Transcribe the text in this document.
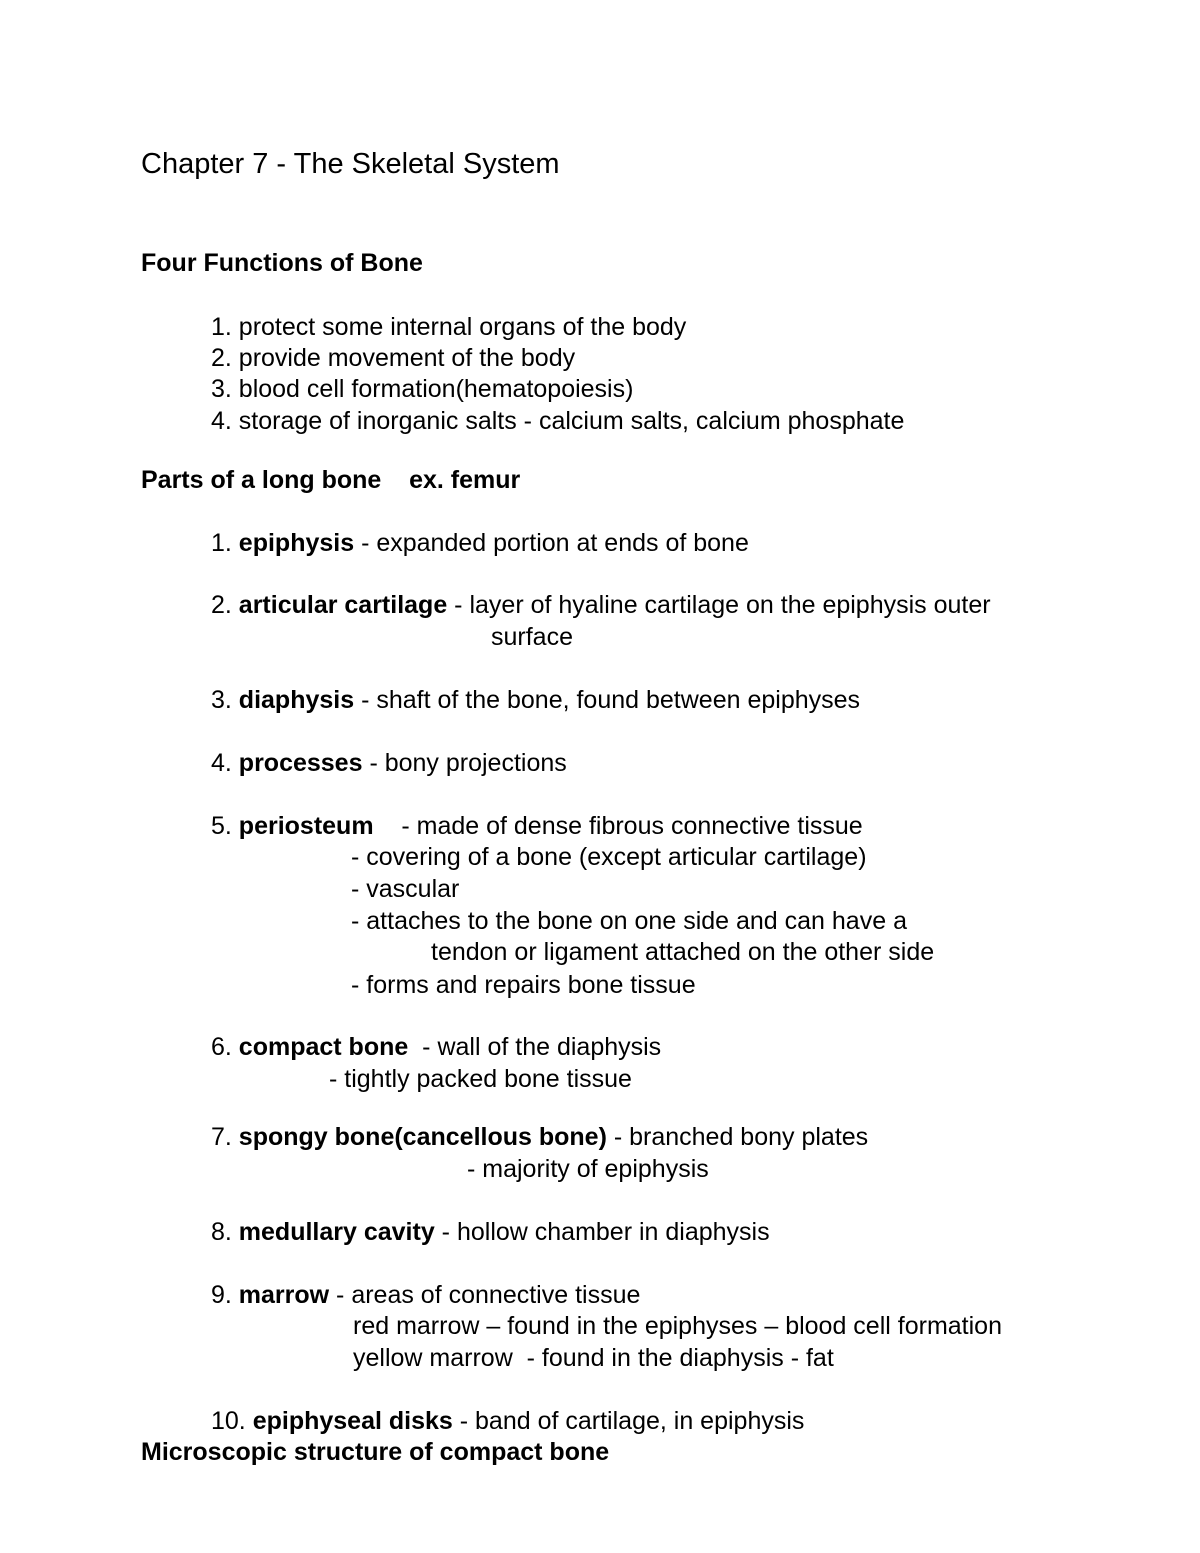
Chapter 7 - The Skeletal System
Four Functions of Bone
1. protect some internal organs of the body
2. provide movement of the body
3. blood cell formation(hematopoiesis)
4. storage of inorganic salts - calcium salts, calcium phosphate
Parts of a long bone    ex. femur
1. epiphysis - expanded portion at ends of bone
2. articular cartilage - layer of hyaline cartilage on the epiphysis outer
surface
3. diaphysis - shaft of the bone, found between epiphyses
4. processes - bony projections
5. periosteum    - made of dense fibrous connective tissue
- covering of a bone (except articular cartilage)
- vascular
- attaches to the bone on one side and can have a
tendon or ligament attached on the other side
- forms and repairs bone tissue
6. compact bone  - wall of the diaphysis
- tightly packed bone tissue
7. spongy bone(cancellous bone) - branched bony plates
- majority of epiphysis
8. medullary cavity - hollow chamber in diaphysis
9. marrow - areas of connective tissue
red marrow – found in the epiphyses – blood cell formation
yellow marrow  - found in the diaphysis - fat
10. epiphyseal disks - band of cartilage, in epiphysis
Microscopic structure of compact bone
